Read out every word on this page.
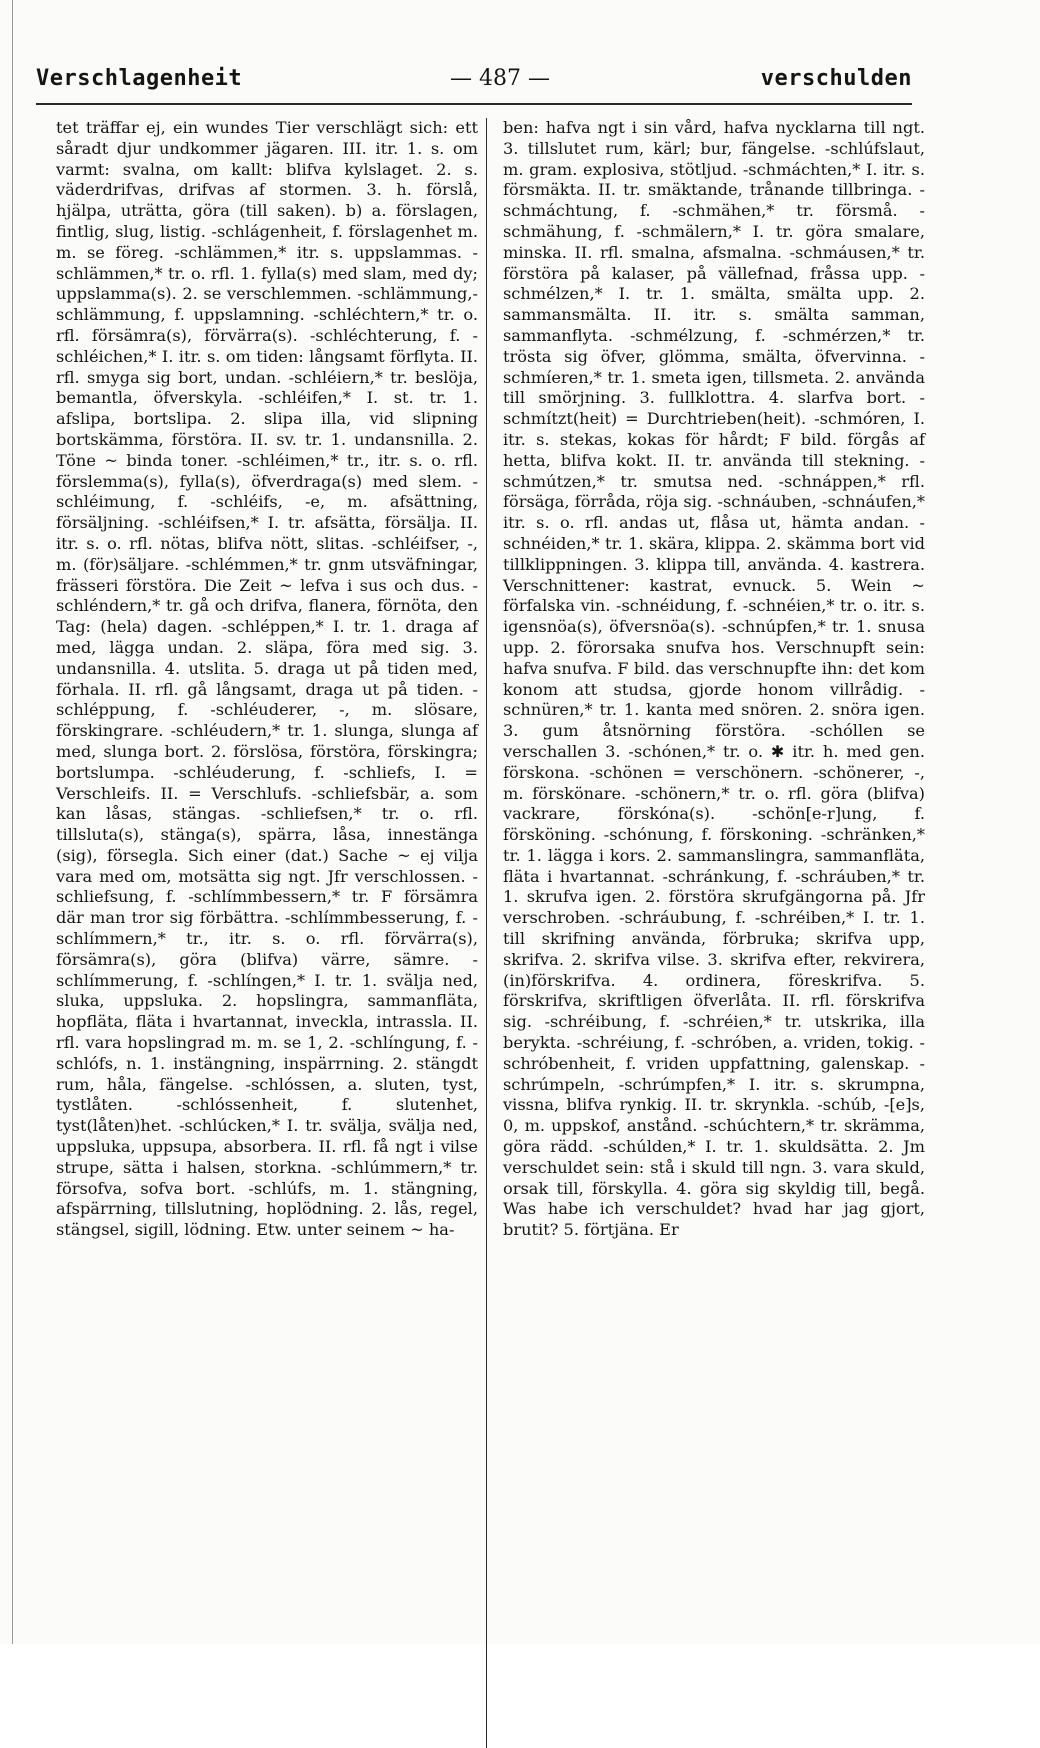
Verschlagenheit	— 487 —	verschulden

tet träffar ej, ein wundes Tier verschlägt sich: ett såradt djur undkommer jägaren. III. itr. 1. s. om varmt: svalna, om kallt: blifva kylslaget. 2. s. väderdrifvas, drifvas af stormen. 3. h. förslå, hjälpa, uträtta, göra (till saken). b) a. förslagen, fintlig, slug, listig. -schlágenheit, f. förslagenhet m. m. se föreg. -schlämmen,* itr. s. uppslammas. -schlämmen,* tr. o. rfl. 1. fylla(s) med slam, med dy; uppslamma(s). 2. se verschlemmen. -schlämmung,-schlämmung, f. uppslamning. -schléchtern,* tr. o. rfl. försämra(s), förvärra(s). -schléchterung, f. -schléichen,* I. itr. s. om tiden: långsamt förflyta. II. rfl. smyga sig bort, undan. -schléiern,* tr. beslöja, bemantla, öfverskyla. -schléifen,* I. st. tr. 1. afslipa, bortslipa. 2. slipa illa, vid slipning bortskämma, förstöra. II. sv. tr. 1. undansnilla. 2. Töne ~ binda toner. -schléimen,* tr., itr. s. o. rfl. förslemma(s), fylla(s), öfverdraga(s) med slem. -schléimung, f. -schléifs, -e, m. afsättning, försäljning. -schléifsen,* I. tr. afsätta, försälja. II. itr. s. o. rfl. nötas, blifva nött, slitas. -schléifser, -, m. (för)säljare. -schlémmen,* tr. gnm utsväfningar, frässeri förstöra. Die Zeit ~ lefva i sus och dus. -schléndern,* tr. gå och drifva, flanera, förnöta, den Tag: (hela) dagen. -schléppen,* I. tr. 1. draga af med, lägga undan. 2. släpa, föra med sig. 3. undansnilla. 4. utslita. 5. draga ut på tiden med, förhala. II. rfl. gå långsamt, draga ut på tiden. -schléppung, f. -schléuderer, -, m. slösare, förskingrare. -schléudern,* tr. 1. slunga, slunga af med, slunga bort. 2. förslösa, förstöra, förskingra; bortslumpa. -schléuderung, f. -schliefs, I. = Verschleifs. II. = Verschlufs. -schliefsbär, a. som kan låsas, stängas. -schliefsen,* tr. o. rfl. tillsluta(s), stänga(s), spärra, låsa, innestänga (sig), försegla. Sich einer (dat.) Sache ~ ej vilja vara med om, motsätta sig ngt. Jfr verschlossen. -schliefsung, f. -schlímmbessern,* tr. F försämra där man tror sig förbättra. -schlímmbesserung, f. -schlímmern,* tr., itr. s. o. rfl. förvärra(s), försämra(s), göra (blifva) värre, sämre. -schlímmerung, f. -schlíngen,* I. tr. 1. svälja ned, sluka, uppsluka. 2. hopslingra, sammanfläta, hopfläta, fläta i hvartannat, inveckla, intrassla. II. rfl. vara hopslingrad m. m. se 1, 2. -schlíngung, f. -schlófs, n. 1. instängning, inspärrning. 2. stängdt rum, håla, fängelse. -schlóssen, a. sluten, tyst, tystlåten. -schlóssenheit, f. slutenhet, tyst(låten)het. -schlúcken,* I. tr. svälja, svälja ned, uppsluka, uppsupa, absorbera. II. rfl. få ngt i vilse strupe, sätta i halsen, storkna. -schlúmmern,* tr. försofva, sofva bort. -schlúfs, m. 1. stängning, afspärrning, tillslutning, hoplödning. 2. lås, regel, stängsel, sigill, lödning. Etw. unter seinem ~ ha-

ben: hafva ngt i sin vård, hafva nycklarna till ngt. 3. tillslutet rum, kärl; bur, fängelse. -schlúfslaut, m. gram. explosiva, stötljud. -schmáchten,* I. itr. s. försmäkta. II. tr. smäktande, trånande tillbringa. -schmáchtung, f. -schmähen,* tr. försmå. -schmähung, f. -schmälern,* I. tr. göra smalare, minska. II. rfl. smalna, afsmalna. -schmáusen,* tr. förstöra på kalaser, på vällefnad, fråssa upp. -schmélzen,* I. tr. 1. smälta, smälta upp. 2. sammansmälta. II. itr. s. smälta samman, sammanflyta. -schmélzung, f. -schmérzen,* tr. trösta sig öfver, glömma, smälta, öfvervinna. -schmíeren,* tr. 1. smeta igen, tillsmeta. 2. använda till smörjning. 3. fullklottra. 4. slarfva bort. -schmítzt(heit) = Durchtrieben(heit). -schmóren, I. itr. s. stekas, kokas för hårdt; F bild. förgås af hetta, blifva kokt. II. tr. använda till stekning. -schmútzen,* tr. smutsa ned. -schnáppen,* rfl. försäga, förråda, röja sig. -schnáuben, -schnáufen,* itr. s. o. rfl. andas ut, flåsa ut, hämta andan. -schnéiden,* tr. 1. skära, klippa. 2. skämma bort vid tillklippningen. 3. klippa till, använda. 4. kastrera. Verschnittener: kastrat, evnuck. 5. Wein ~ förfalska vin. -schnéidung, f. -schnéien,* tr. o. itr. s. igensnöa(s), öfversnöa(s). -schnúpfen,* tr. 1. snusa upp. 2. förorsaka snufva hos. Verschnupft sein: hafva snufva. F bild. das verschnupfte ihn: det kom konom att studsa, gjorde honom villrådig. -schnüren,* tr. 1. kanta med snören. 2. snöra igen. 3. gum åtsnörning förstöra. -schóllen se verschallen 3. -schónen,* tr. o. ✱ itr. h. med gen. förskona. -schönen = verschönern. -schönerer, -, m. förskönare. -schönern,* tr. o. rfl. göra (blifva) vackrare, förskóna(s). -schön[e-r]ung, f. försköning. -schónung, f. förskoning. -schränken,* tr. 1. lägga i kors. 2. sammanslingra, sammanfläta, fläta i hvartannat. -schránkung, f. -schráuben,* tr. 1. skrufva igen. 2. förstöra skrufgängorna på. Jfr verschroben. -schráubung, f. -schréiben,* I. tr. 1. till skrifning använda, förbruka; skrifva upp, skrifva. 2. skrifva vilse. 3. skrifva efter, rekvirera, (in)förskrifva. 4. ordinera, föreskrifva. 5. förskrifva, skriftligen öfverlåta. II. rfl. förskrifva sig. -schréibung, f. -schréien,* tr. utskrika, illa berykta. -schréiung, f. -schróben, a. vriden, tokig. -schróbenheit, f. vriden uppfattning, galenskap. -schrúmpeln, -schrúmpfen,* I. itr. s. skrumpna, vissna, blifva rynkig. II. tr. skrynkla. -schúb, -[e]s, 0, m. uppskof, anstånd. -schúchtern,* tr. skrämma, göra rädd. -schúlden,* I. tr. 1. skuldsätta. 2. Jm verschuldet sein: stå i skuld till ngn. 3. vara skuld, orsak till, förskylla. 4. göra sig skyldig till, begå. Was habe ich verschuldet? hvad har jag gjort, brutit? 5. förtjäna. Er
